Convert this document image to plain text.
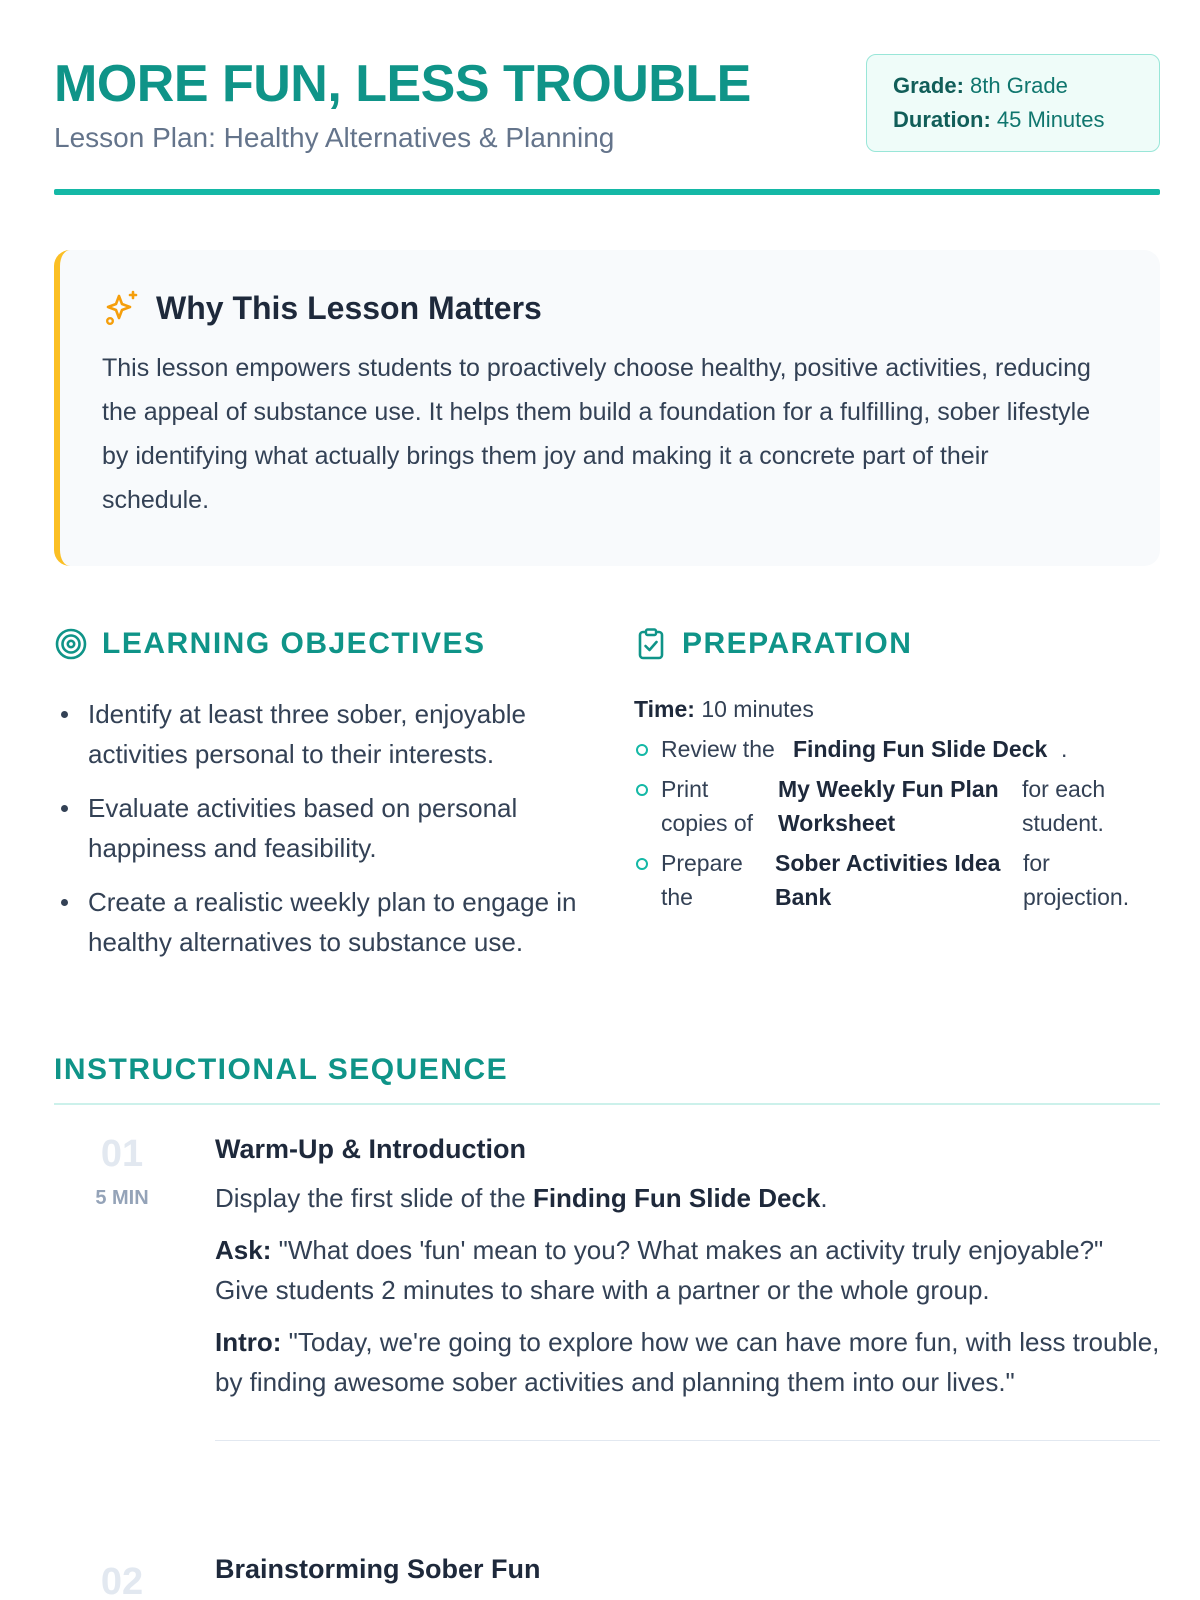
MORE FUN, LESS TROUBLE
Lesson Plan: Healthy Alternatives & Planning
Grade: 8th Grade
Duration: 45 Minutes
Why This Lesson Matters
This lesson empowers students to proactively choose healthy, positive activities, reducing the appeal of substance use. It helps them build a foundation for a fulfilling, sober lifestyle by identifying what actually brings them joy and making it a concrete part of their schedule.
LEARNING OBJECTIVES
Identify at least three sober, enjoyable activities personal to their interests.
Evaluate activities based on personal happiness and feasibility.
Create a realistic weekly plan to engage in healthy alternatives to substance use.
PREPARATION
Time: 10 minutes
Review the Finding Fun Slide Deck .
Print copies of
My Weekly Fun Plan Worksheet
for each student.
Prepare the
Sober Activities Idea Bank
for projection.
INSTRUCTIONAL SEQUENCE
01
5 MIN
Warm-Up & Introduction

Display the first slide of the Finding Fun Slide Deck.

Ask: "What does 'fun' mean to you? What makes an activity truly enjoyable?" Give students 2 minutes to share with a partner or the whole group.

Intro: "Today, we're going to explore how we can have more fun, with less trouble, by finding awesome sober activities and planning them into our lives."

02	Brainstorming Sober Fun
